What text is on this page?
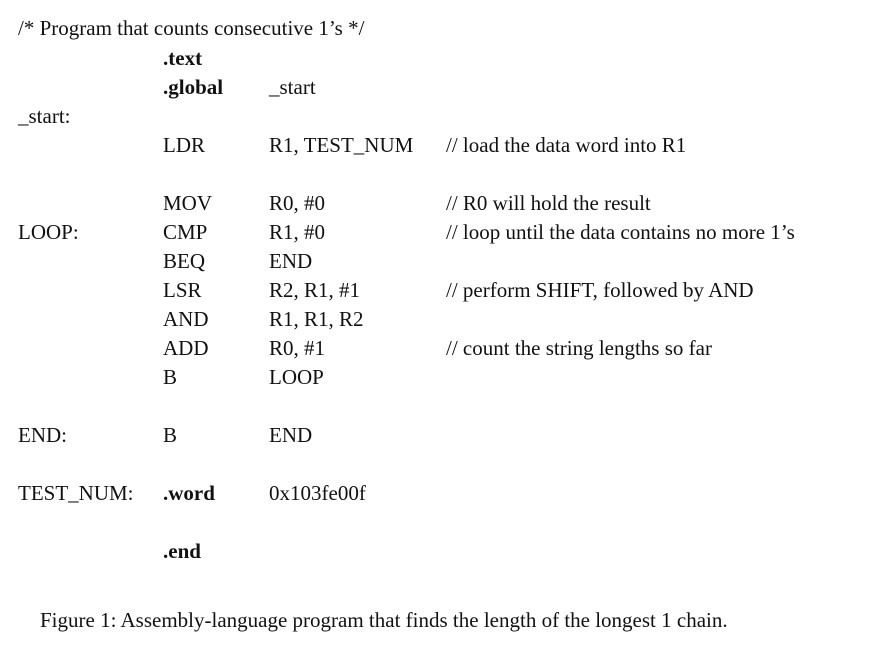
/* Program that counts consecutive 1’s */
.text
.global _start
_start:
LDR	R1, TEST_NUM // load the data word into R1
MOV	R0, #0	// R0 will hold the result
LOOP:	CMP	R1, #0	// loop until the data contains no more 1’s
BEQ	END
LSR	R2, R1, #1	// perform SHIFT, followed by AND
AND	R1, R1, R2
ADD	R0, #1	// count the string lengths so far
B	LOOP
END:	B	END
TEST_NUM: .word	0x103fe00f
.end
Figure 1: Assembly-language program that finds the length of the longest 1 chain.
